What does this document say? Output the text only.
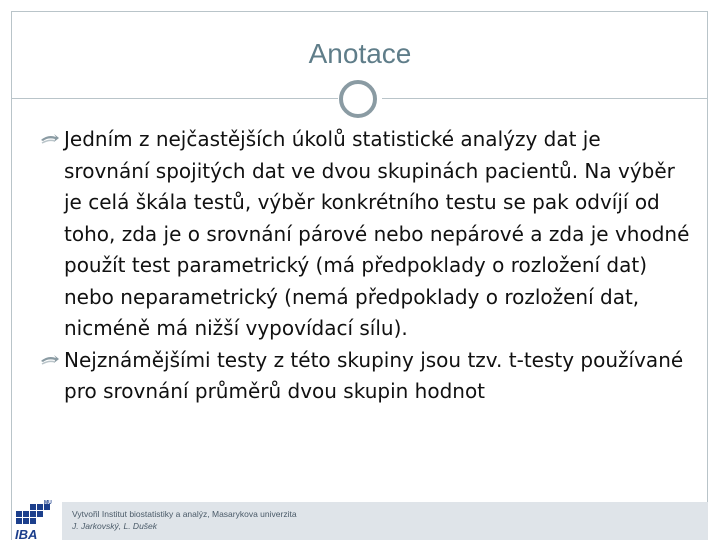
Anotace

Jedním z nejčastějších úkolů statistické analýzy dat je srovnání spojitých dat ve dvou skupinách pacientů. Na výběr je celá škála testů, výběr konkrétního testu se pak odvíjí od toho, zda je o srovnání párové nebo nepárové a zda je vhodné použít test parametrický (má předpoklady o rozložení dat) nebo neparametrický (nemá předpoklady o rozložení dat, nicméně má nižší vypovídací sílu).

Nejznámějšími testy z této skupiny jsou tzv. t-testy používané pro srovnání průměrů dvou skupin hodnot

Vytvořil Institut biostatistiky a analýz, Masarykova univerzita
J. Jarkovský, L. Dušek
IBA
MU
